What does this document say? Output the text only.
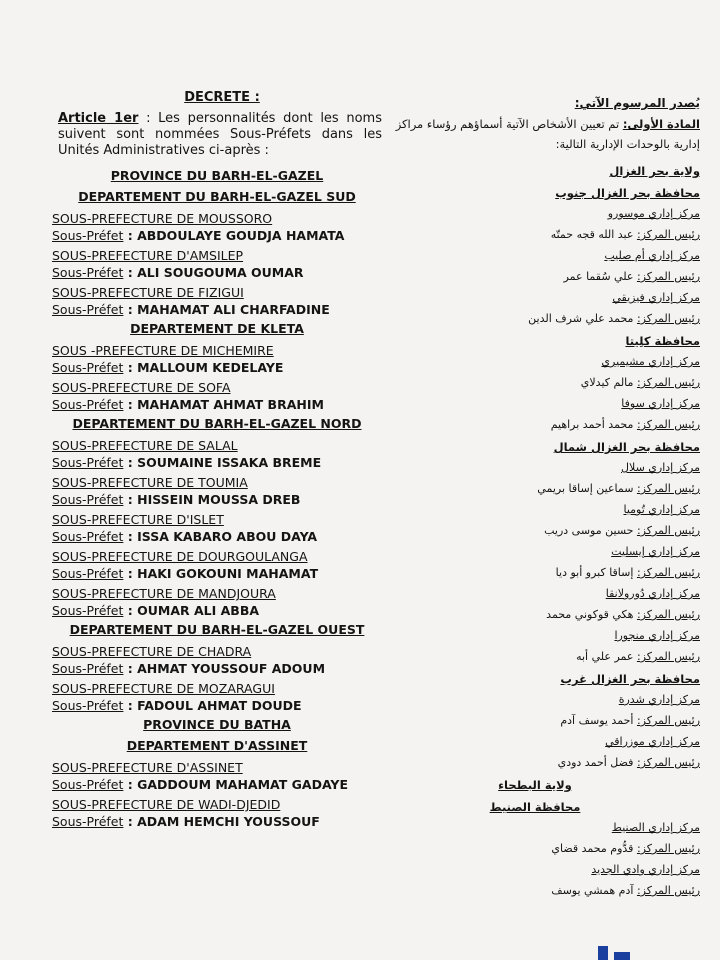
DECRETE :
Article 1er : Les personnalités dont les noms suivent sont nommées Sous-Préfets dans les Unités Administratives ci-après :
PROVINCE DU BARH-EL-GAZEL
DEPARTEMENT DU BARH-EL-GAZEL SUD
SOUS-PREFECTURE DE MOUSSORO
Sous-Préfet : ABDOULAYE GOUDJA HAMATA
SOUS-PREFECTURE D'AMSILEP
Sous-Préfet : ALI SOUGOUMA OUMAR
SOUS-PREFECTURE DE FIZIGUI
Sous-Préfet : MAHAMAT ALI CHARFADINE
DEPARTEMENT DE KLETA
SOUS -PREFECTURE DE MICHEMIRE
Sous-Préfet : MALLOUM KEDELAYE
SOUS-PREFECTURE DE SOFA
Sous-Préfet : MAHAMAT AHMAT BRAHIM
DEPARTEMENT DU BARH-EL-GAZEL NORD
SOUS-PREFECTURE DE SALAL
Sous-Préfet : SOUMAINE ISSAKA BREME
SOUS-PREFECTURE DE TOUMIA
Sous-Préfet : HISSEIN MOUSSA DREB
SOUS-PREFECTURE D'ISLET
Sous-Préfet : ISSA KABARO ABOU DAYA
SOUS-PREFECTURE DE DOURGOULANGA
Sous-Préfet : HAKI GOKOUNI MAHAMAT
SOUS-PREFECTURE DE MANDJOURA
Sous-Préfet : OUMAR ALI ABBA
DEPARTEMENT DU BARH-EL-GAZEL OUEST
SOUS-PREFECTURE DE CHADRA
Sous-Préfet : AHMAT YOUSSOUF ADOUM
SOUS-PREFECTURE DE MOZARAGUI
Sous-Préfet : FADOUL AHMAT DOUDE
PROVINCE DU BATHA
DEPARTEMENT D'ASSINET
SOUS-PREFECTURE D'ASSINET
Sous-Préfet : GADDOUM MAHAMAT GADAYE
SOUS-PREFECTURE DE WADI-DJEDID
Sous-Préfet : ADAM HEMCHI YOUSSOUF
يُصدر المرسوم الآتي:
المادة الأولى: تم تعيين الأشخاص الآتية أسماؤهم رؤساء مراكز إدارية بالوحدات الإدارية التالية:
ولاية بحر الغزال
محافظة بحر الغزال جنوب
مركز إداري موسورو
رئيس المركز: عبد الله قجه حمتّه
مركز إداري أم صليب
رئيس المركز: علي سُقما عمر
مركز إداري فيزيقي
رئيس المركز: محمد علي شرف الدين
محافظة كلِيتا
مركز إداري مشيميري
رئيس المركز: مالم كيدلاي
مركز إداري سوفا
رئيس المركز: محمد أحمد براهيم
محافظة بحر الغزال شمال
مركز إداري سلال
رئيس المركز: سماعين إساقا بريمي
مركز إداري تُوميا
رئيس المركز: حسين موسى دريب
مركز إداري إيسليت
رئيس المركز: إساقا كبرو أبو ديا
مركز إداري دُورولانقا
رئيس المركز: هكي قوكوني محمد
مركز إداري منجورا
رئيس المركز: عمر علي أبه
محافظة بحر الغزال غرب
مركز إداري شدرة
رئيس المركز: أحمد يوسف آدم
مركز إداري موزراقي
رئيس المركز: فضل أحمد دودي
ولاية البطحاء
محافظة الصنيط
مركز إداري الصنيط
رئيس المركز: قدُّوم محمد قضاي
مركز إداري وادي الجديد
رئيس المركز: آدم همشي يوسف
